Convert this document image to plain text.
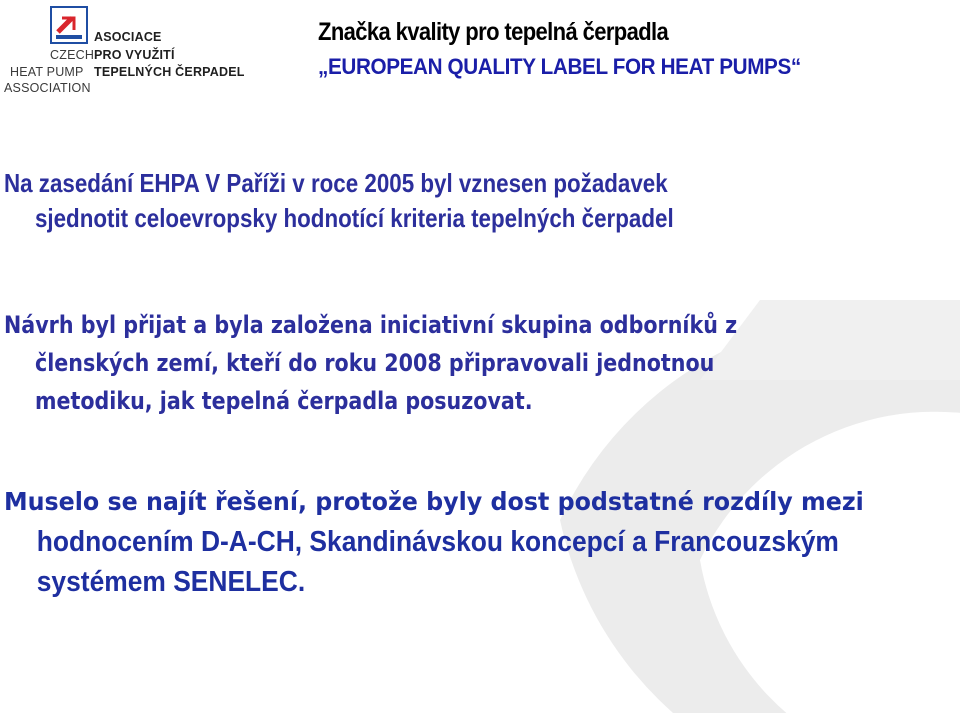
ASOCIACE
CZECH PRO VYUŽITÍ
HEAT PUMP TEPELNÝCH ČERPADEL
ASSOCIATION
Značka kvality pro tepelná čerpadla
„EUROPEAN QUALITY LABEL FOR HEAT PUMPS“
Na zasedání EHPA V Paříži v roce 2005 byl vznesen požadavek
sjednotit celoevropsky hodnotící kriteria tepelných čerpadel
Návrh byl přijat a byla založena iniciativní skupina odborníků z
členských zemí, kteří do roku 2008 připravovali jednotnou
metodiku, jak tepelná čerpadla posuzovat.
Muselo se najít řešení, protože byly dost podstatné rozdíly mezi
hodnocením D-A-CH, Skandinávskou koncepcí a Francouzským
systémem SENELEC.
